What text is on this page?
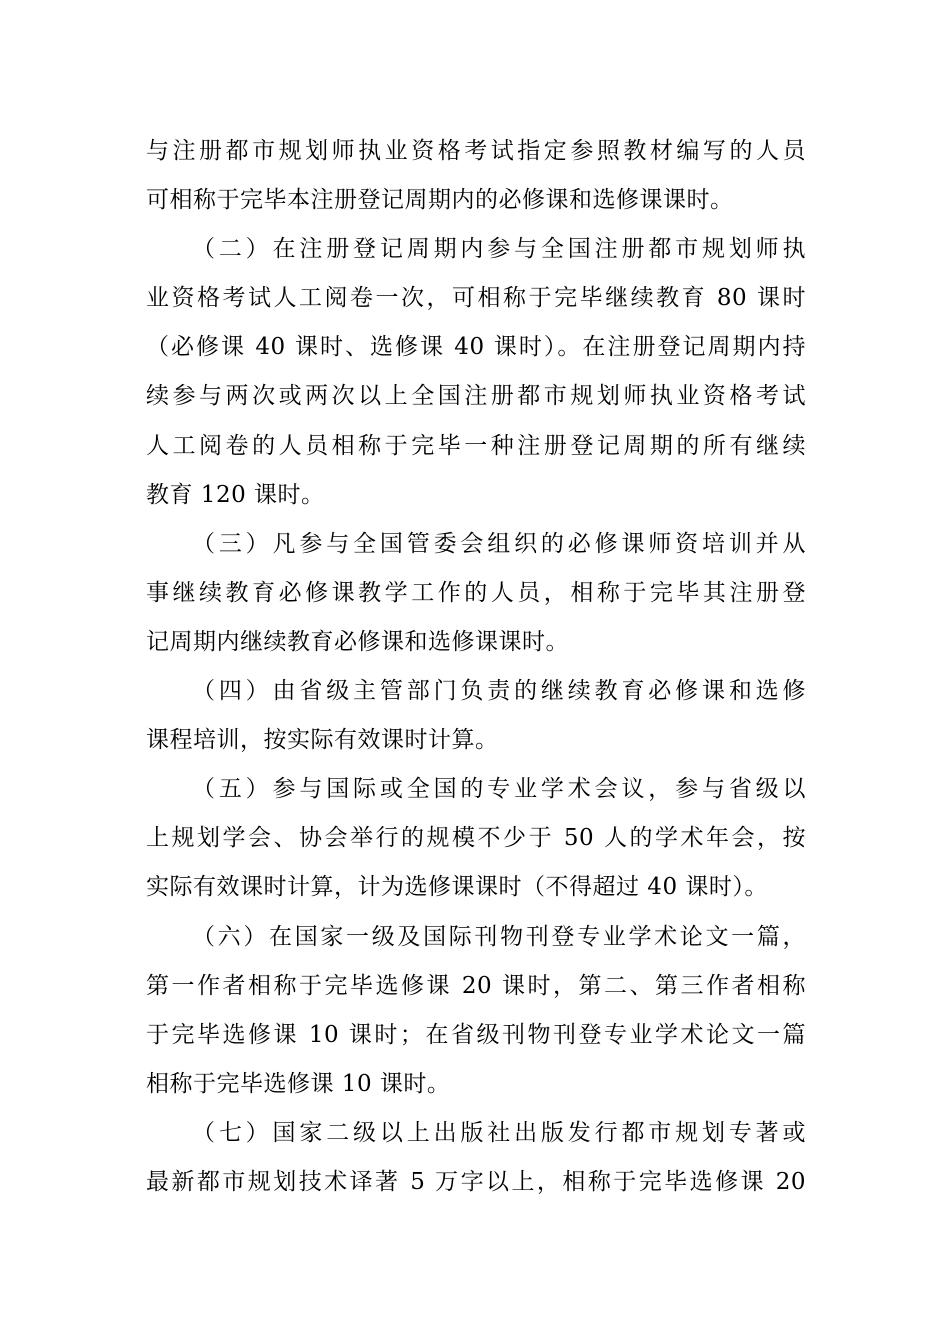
与注册都市规划师执业资格考试指定参照教材编写的人员
可相称于完毕本注册登记周期内的必修课和选修课课时。
（二）在注册登记周期内参与全国注册都市规划师执
业资格考试人工阅卷一次，可相称于完毕继续教育 80 课时
（必修课 40 课时、选修课 40 课时）。在注册登记周期内持
续参与两次或两次以上全国注册都市规划师执业资格考试
人工阅卷的人员相称于完毕一种注册登记周期的所有继续
教育 120 课时。
（三）凡参与全国管委会组织的必修课师资培训并从
事继续教育必修课教学工作的人员，相称于完毕其注册登
记周期内继续教育必修课和选修课课时。
（四）由省级主管部门负责的继续教育必修课和选修
课程培训，按实际有效课时计算。
（五）参与国际或全国的专业学术会议，参与省级以
上规划学会、协会举行的规模不少于 50 人的学术年会，按
实际有效课时计算，计为选修课课时（不得超过 40 课时）。
（六）在国家一级及国际刊物刊登专业学术论文一篇，
第一作者相称于完毕选修课 20 课时，第二、第三作者相称
于完毕选修课 10 课时；在省级刊物刊登专业学术论文一篇
相称于完毕选修课 10 课时。
（七）国家二级以上出版社出版发行都市规划专著或
最新都市规划技术译著 5 万字以上，相称于完毕选修课 20
